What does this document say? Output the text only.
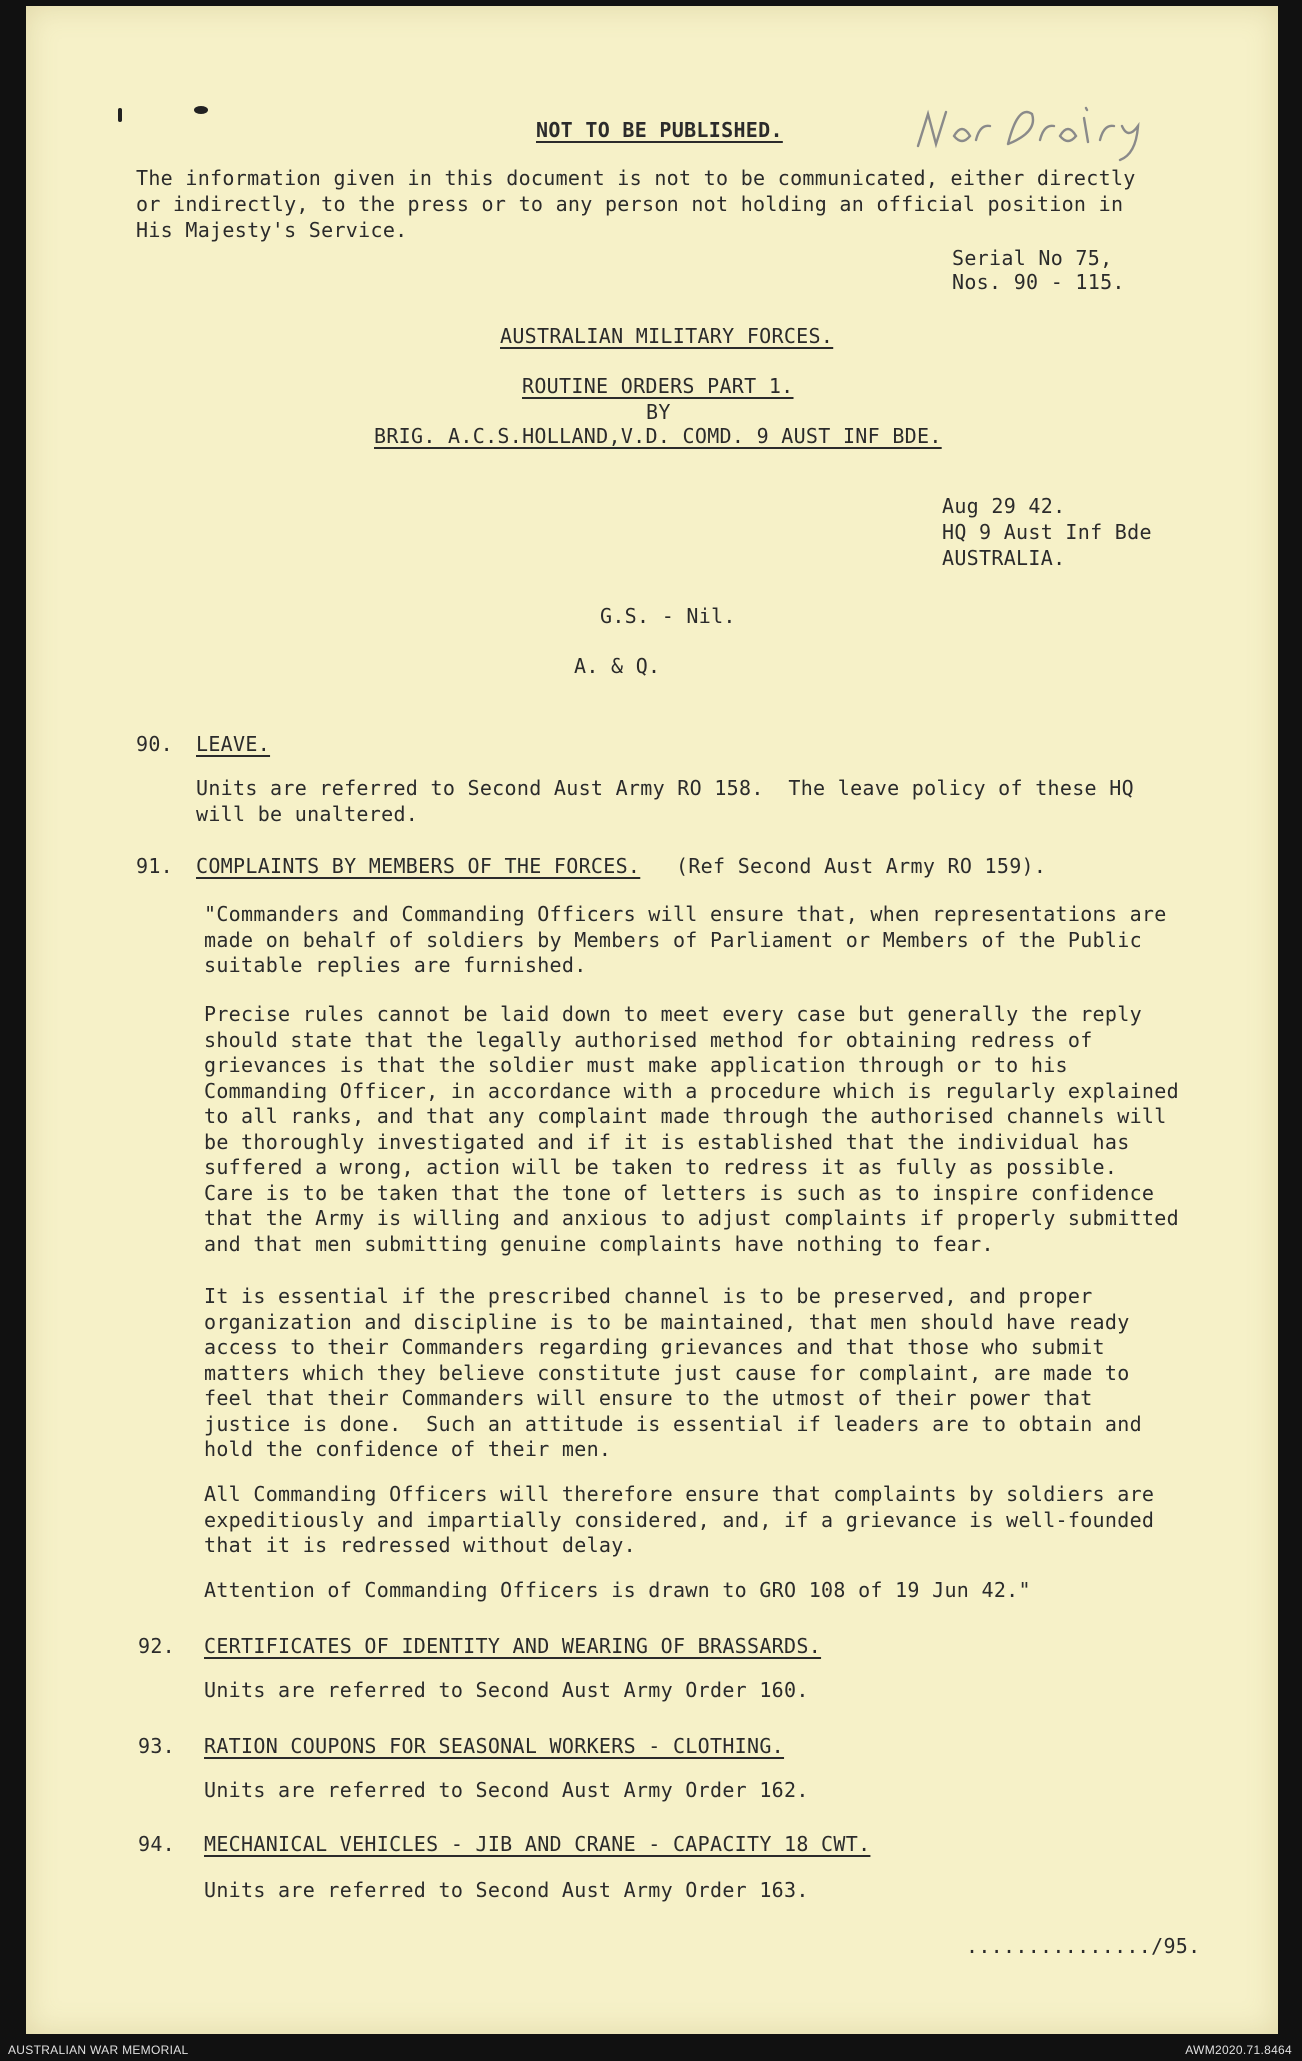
NOT TO BE PUBLISHED.
The information given in this document is not to be communicated, either directly
or indirectly, to the press or to any person not holding an official position in
His Majesty's Service.
Serial No 75,
Nos. 90 - 115.
AUSTRALIAN MILITARY FORCES.
ROUTINE ORDERS PART 1.
BY
BRIG. A.C.S.HOLLAND,V.D. COMD. 9 AUST INF BDE.
Aug 29 42.
HQ 9 Aust Inf Bde
AUSTRALIA.
G.S. - Nil.
A. & Q.
90. LEAVE.
Units are referred to Second Aust Army RO 158.  The leave policy of these HQ
will be unaltered.
91. COMPLAINTS BY MEMBERS OF THE FORCES. (Ref Second Aust Army RO 159).
"Commanders and Commanding Officers will ensure that, when representations are
made on behalf of soldiers by Members of Parliament or Members of the Public
suitable replies are furnished.
Precise rules cannot be laid down to meet every case but generally the reply
should state that the legally authorised method for obtaining redress of
grievances is that the soldier must make application through or to his
Commanding Officer, in accordance with a procedure which is regularly explained
to all ranks, and that any complaint made through the authorised channels will
be thoroughly investigated and if it is established that the individual has
suffered a wrong, action will be taken to redress it as fully as possible.
Care is to be taken that the tone of letters is such as to inspire confidence
that the Army is willing and anxious to adjust complaints if properly submitted
and that men submitting genuine complaints have nothing to fear.
It is essential if the prescribed channel is to be preserved, and proper
organization and discipline is to be maintained, that men should have ready
access to their Commanders regarding grievances and that those who submit
matters which they believe constitute just cause for complaint, are made to
feel that their Commanders will ensure to the utmost of their power that
justice is done.  Such an attitude is essential if leaders are to obtain and
hold the confidence of their men.
All Commanding Officers will therefore ensure that complaints by soldiers are
expeditiously and impartially considered, and, if a grievance is well-founded
that it is redressed without delay.
Attention of Commanding Officers is drawn to GRO 108 of 19 Jun 42."
92. CERTIFICATES OF IDENTITY AND WEARING OF BRASSARDS.
Units are referred to Second Aust Army Order 160.
93. RATION COUPONS FOR SEASONAL WORKERS - CLOTHING.
Units are referred to Second Aust Army Order 162.
94. MECHANICAL VEHICLES - JIB AND CRANE - CAPACITY 18 CWT.
Units are referred to Second Aust Army Order 163.
.............../95.
AUSTRALIAN WAR MEMORIAL	AWM2020.71.8464
